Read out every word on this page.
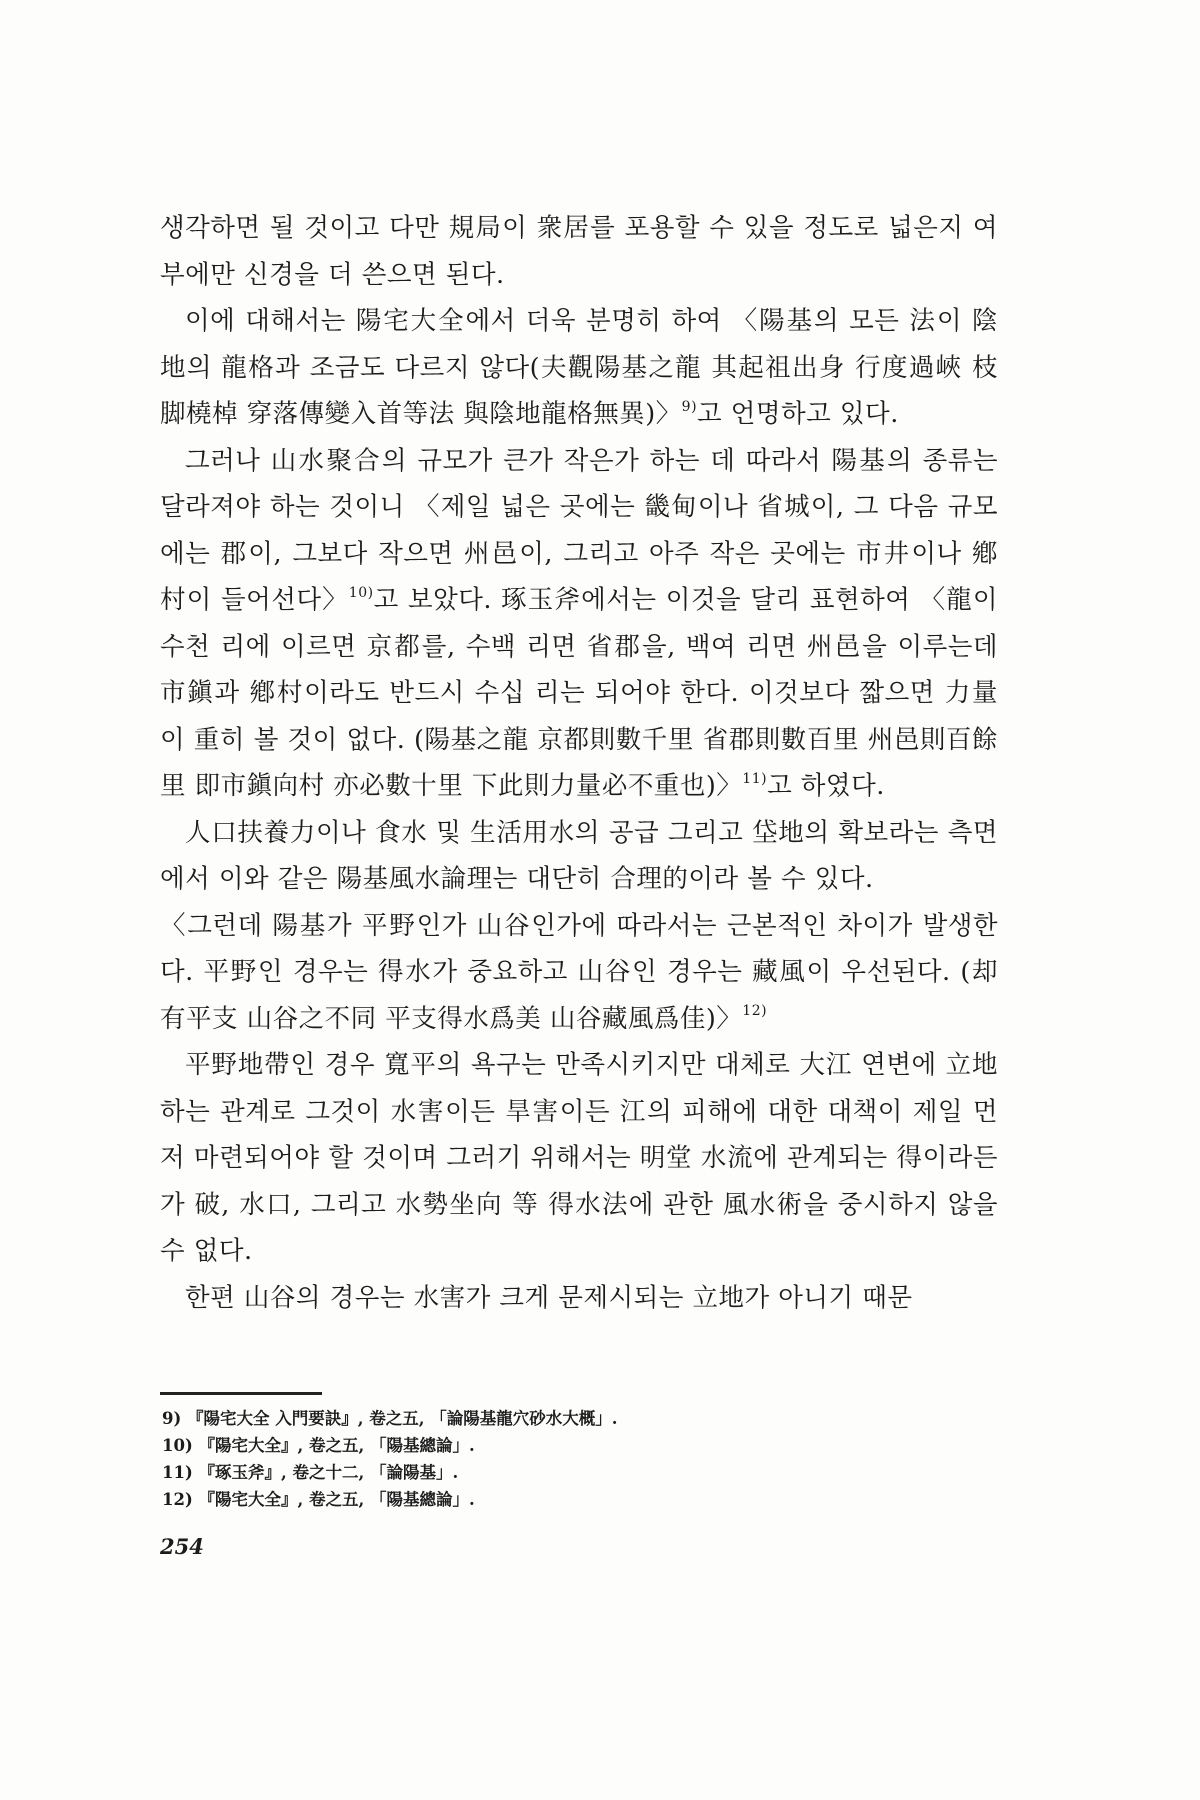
생각하면 될 것이고 다만 規局이 衆居를 포용할 수 있을 정도로 넓은지 여부에만 신경을 더 쓴으면 된다.

이에 대해서는 陽宅大全에서 더욱 분명히 하여 〈陽基의 모든 法이 陰地의 龍格과 조금도 다르지 않다(夫觀陽基之龍 其起祖出身 行度過峽 枝脚橈棹 穿落傳變入首等法 與陰地龍格無異)〉$^{9)}$고 언명하고 있다.

그러나 山水聚合의 규모가 큰가 작은가 하는 데 따라서 陽基의 종류는 달라져야 하는 것이니 〈제일 넓은 곳에는 畿甸이나 省城이, 그 다음 규모에는 郡이, 그보다 작으면 州邑이, 그리고 아주 작은 곳에는 市井이나 鄕村이 들어선다〉$^{10)}$고 보았다. 琢玉斧에서는 이것을 달리 표현하여 〈龍이 수천 리에 이르면 京都를, 수백 리면 省郡을, 백여 리면 州邑을 이루는데 市鎭과 鄕村이라도 반드시 수십 리는 되어야 한다. 이것보다 짧으면 力量이 重히 볼 것이 없다. (陽基之龍 京都則數千里 省郡則數百里 州邑則百餘里 即市鎭向村 亦必數十里 下此則力量必不重也)〉$^{11)}$고 하였다.

人口扶養力이나 食水 및 生活用水의 공급 그리고 垈地의 확보라는 측면에서 이와 같은 陽基風水論理는 대단히 合理的이라 볼 수 있다.

〈그런데 陽基가 平野인가 山谷인가에 따라서는 근본적인 차이가 발생한다. 平野인 경우는 得水가 중요하고 山谷인 경우는 藏風이 우선된다. (却有平支 山谷之不同 平支得水爲美 山谷藏風爲佳)〉$^{12)}$

平野地帶인 경우 寬平의 욕구는 만족시키지만 대체로 大江 연변에 立地하는 관계로 그것이 水害이든 旱害이든 江의 피해에 대한 대책이 제일 먼저 마련되어야 할 것이며 그러기 위해서는 明堂 水流에 관계되는 得이라든가 破, 水口, 그리고 水勢坐向 等 得水法에 관한 風水術을 중시하지 않을 수 없다.

한편 山谷의 경우는 水害가 크게 문제시되는 立地가 아니기 때문

9) 『陽宅大全 入門要訣』, 卷之五, 「論陽基龍穴砂水大概」.

10) 『陽宅大全』, 卷之五, 「陽基總論」.

11) 『琢玉斧』, 卷之十二, 「論陽基」.

12) 『陽宅大全』, 卷之五, 「陽基總論」.

254
